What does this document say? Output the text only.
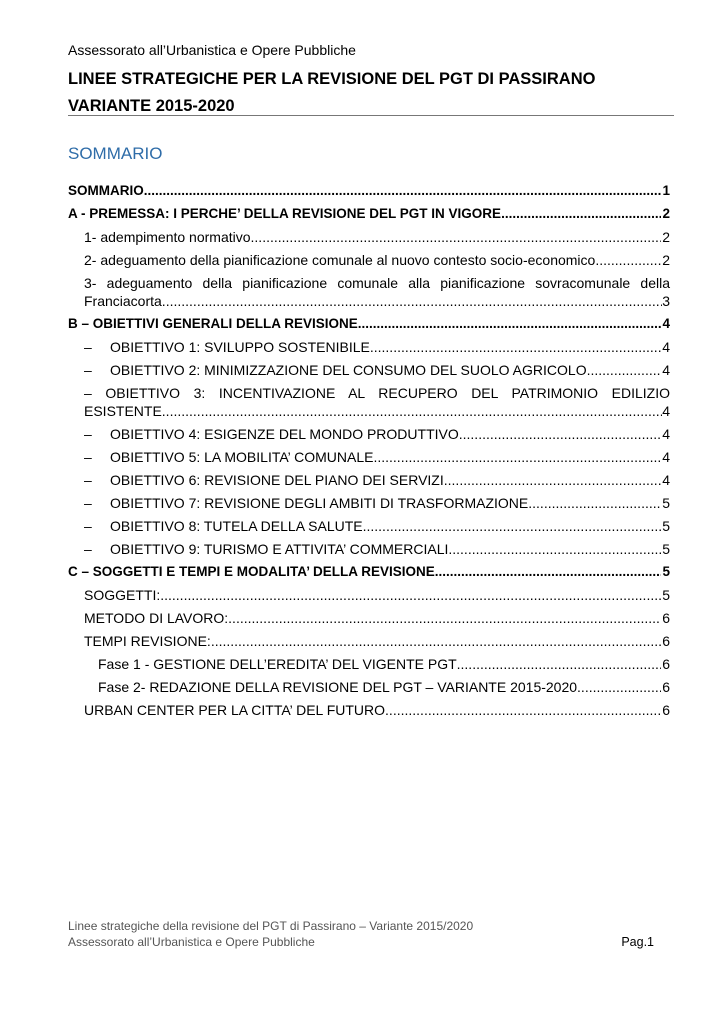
Assessorato all’Urbanistica e Opere Pubbliche
LINEE STRATEGICHE PER LA REVISIONE DEL PGT DI PASSIRANO
VARIANTE 2015-2020
SOMMARIO
SOMMARIO .....	1
A - PREMESSA: I PERCHE’ DELLA REVISIONE DEL PGT IN VIGORE .....	2
1- adempimento normativo .....	2
2- adeguamento della pianificazione comunale al nuovo contesto socio-economico .....	2
3- adeguamento della pianificazione comunale alla pianificazione sovracomunale della
Franciacorta. .....	3
B – OBIETTIVI GENERALI DELLA REVISIONE .....	4
–	OBIETTIVO 1: SVILUPPO SOSTENIBILE .....	4
–	OBIETTIVO 2: MINIMIZZAZIONE DEL CONSUMO DEL SUOLO AGRICOLO .....	4
– OBIETTIVO 3: INCENTIVAZIONE AL RECUPERO DEL PATRIMONIO EDILIZIO
ESISTENTE .....	4
–	OBIETTIVO 4: ESIGENZE DEL MONDO PRODUTTIVO .....	4
–	OBIETTIVO 5: LA MOBILITA’ COMUNALE .....	4
–	OBIETTIVO 6: REVISIONE DEL PIANO DEI SERVIZI .....	4
–	OBIETTIVO 7: REVISIONE DEGLI AMBITI DI TRASFORMAZIONE .....	5
–	OBIETTIVO 8: TUTELA DELLA SALUTE. .....	5
–	OBIETTIVO 9: TURISMO E ATTIVITA’ COMMERCIALI .....	5
C – SOGGETTI E TEMPI E MODALITA’ DELLA REVISIONE .....	5
SOGGETTI: .....	5
METODO DI LAVORO: .....	6
TEMPI REVISIONE: .....	6
Fase 1 - GESTIONE DELL’EREDITA’ DEL VIGENTE PGT .....	6
Fase 2- REDAZIONE DELLA REVISIONE DEL PGT – VARIANTE 2015-2020 .....	6
URBAN CENTER PER LA CITTA’ DEL FUTURO .....	6
Linee strategiche della revisione del PGT di Passirano – Variante 2015/2020
Assessorato all’Urbanistica e Opere Pubbliche	Pag.1
